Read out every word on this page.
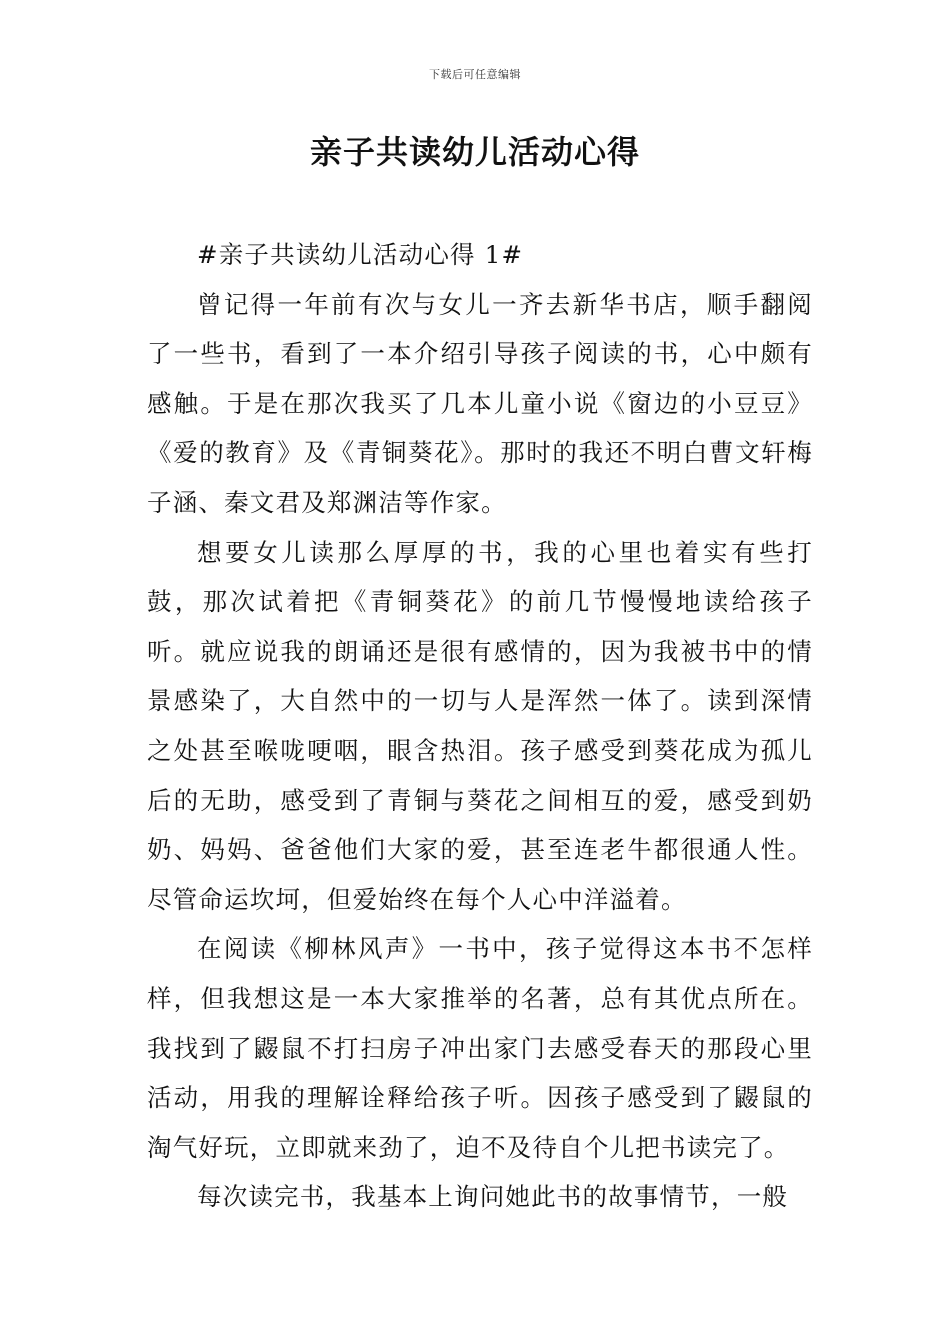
下载后可任意编辑
亲子共读幼儿活动心得

#亲子共读幼儿活动心得 1#

曾记得一年前有次与女儿一齐去新华书店，顺手翻阅了一些书，看到了一本介绍引导孩子阅读的书，心中颇有感触。于是在那次我买了几本儿童小说《窗边的小豆豆》《爱的教育》及《青铜葵花》。那时的我还不明白曹文轩梅子涵、秦文君及郑渊洁等作家。

想要女儿读那么厚厚的书，我的心里也着实有些打鼓，那次试着把《青铜葵花》的前几节慢慢地读给孩子听。就应说我的朗诵还是很有感情的，因为我被书中的情景感染了，大自然中的一切与人是浑然一体了。读到深情之处甚至喉咙哽咽，眼含热泪。孩子感受到葵花成为孤儿后的无助，感受到了青铜与葵花之间相互的爱，感受到奶奶、妈妈、爸爸他们大家的爱，甚至连老牛都很通人性。尽管命运坎坷，但爱始终在每个人心中洋溢着。

在阅读《柳林风声》一书中，孩子觉得这本书不怎样样，但我想这是一本大家推举的名著，总有其优点所在。我找到了鼹鼠不打扫房子冲出家门去感受春天的那段心里活动，用我的理解诠释给孩子听。因孩子感受到了鼹鼠的淘气好玩，立即就来劲了，迫不及待自个儿把书读完了。

每次读完书，我基本上询问她此书的故事情节，一般
